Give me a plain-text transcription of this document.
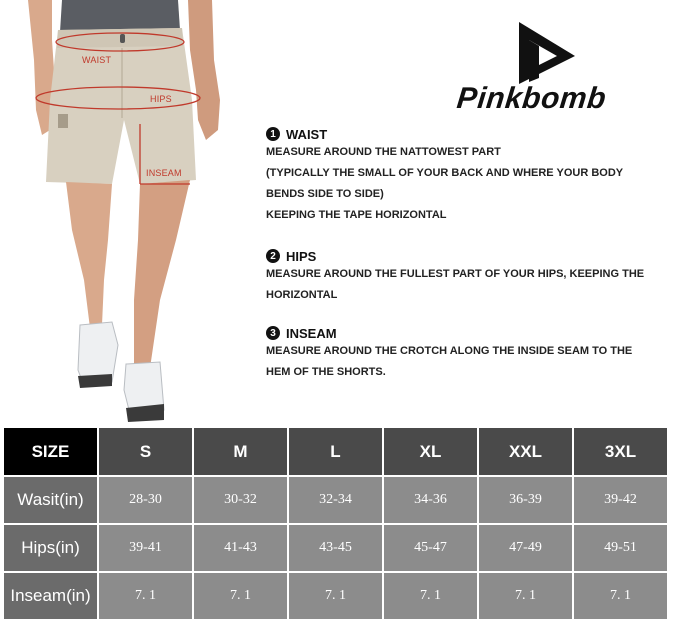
WAIST
HIPS
INSEAM
Pinkbomb
1 WAIST
MEASURE AROUND THE NATTOWEST PART
(TYPICALLY THE SMALL OF YOUR BACK AND WHERE YOUR BODY
BENDS SIDE TO SIDE)
KEEPING THE TAPE HORIZONTAL
2 HIPS
MEASURE AROUND THE FULLEST PART OF YOUR HIPS, KEEPING THE
HORIZONTAL
3 INSEAM
MEASURE AROUND THE CROTCH ALONG THE INSIDE SEAM TO THE
HEM OF THE SHORTS.
SIZE	S	M	L	XL	XXL	3XL
Wasit(in)	28-30	30-32	32-34	34-36	36-39	39-42
Hips(in)	39-41	41-43	43-45	45-47	47-49	49-51
Inseam(in)	7. 1	7. 1	7. 1	7. 1	7. 1	7. 1
